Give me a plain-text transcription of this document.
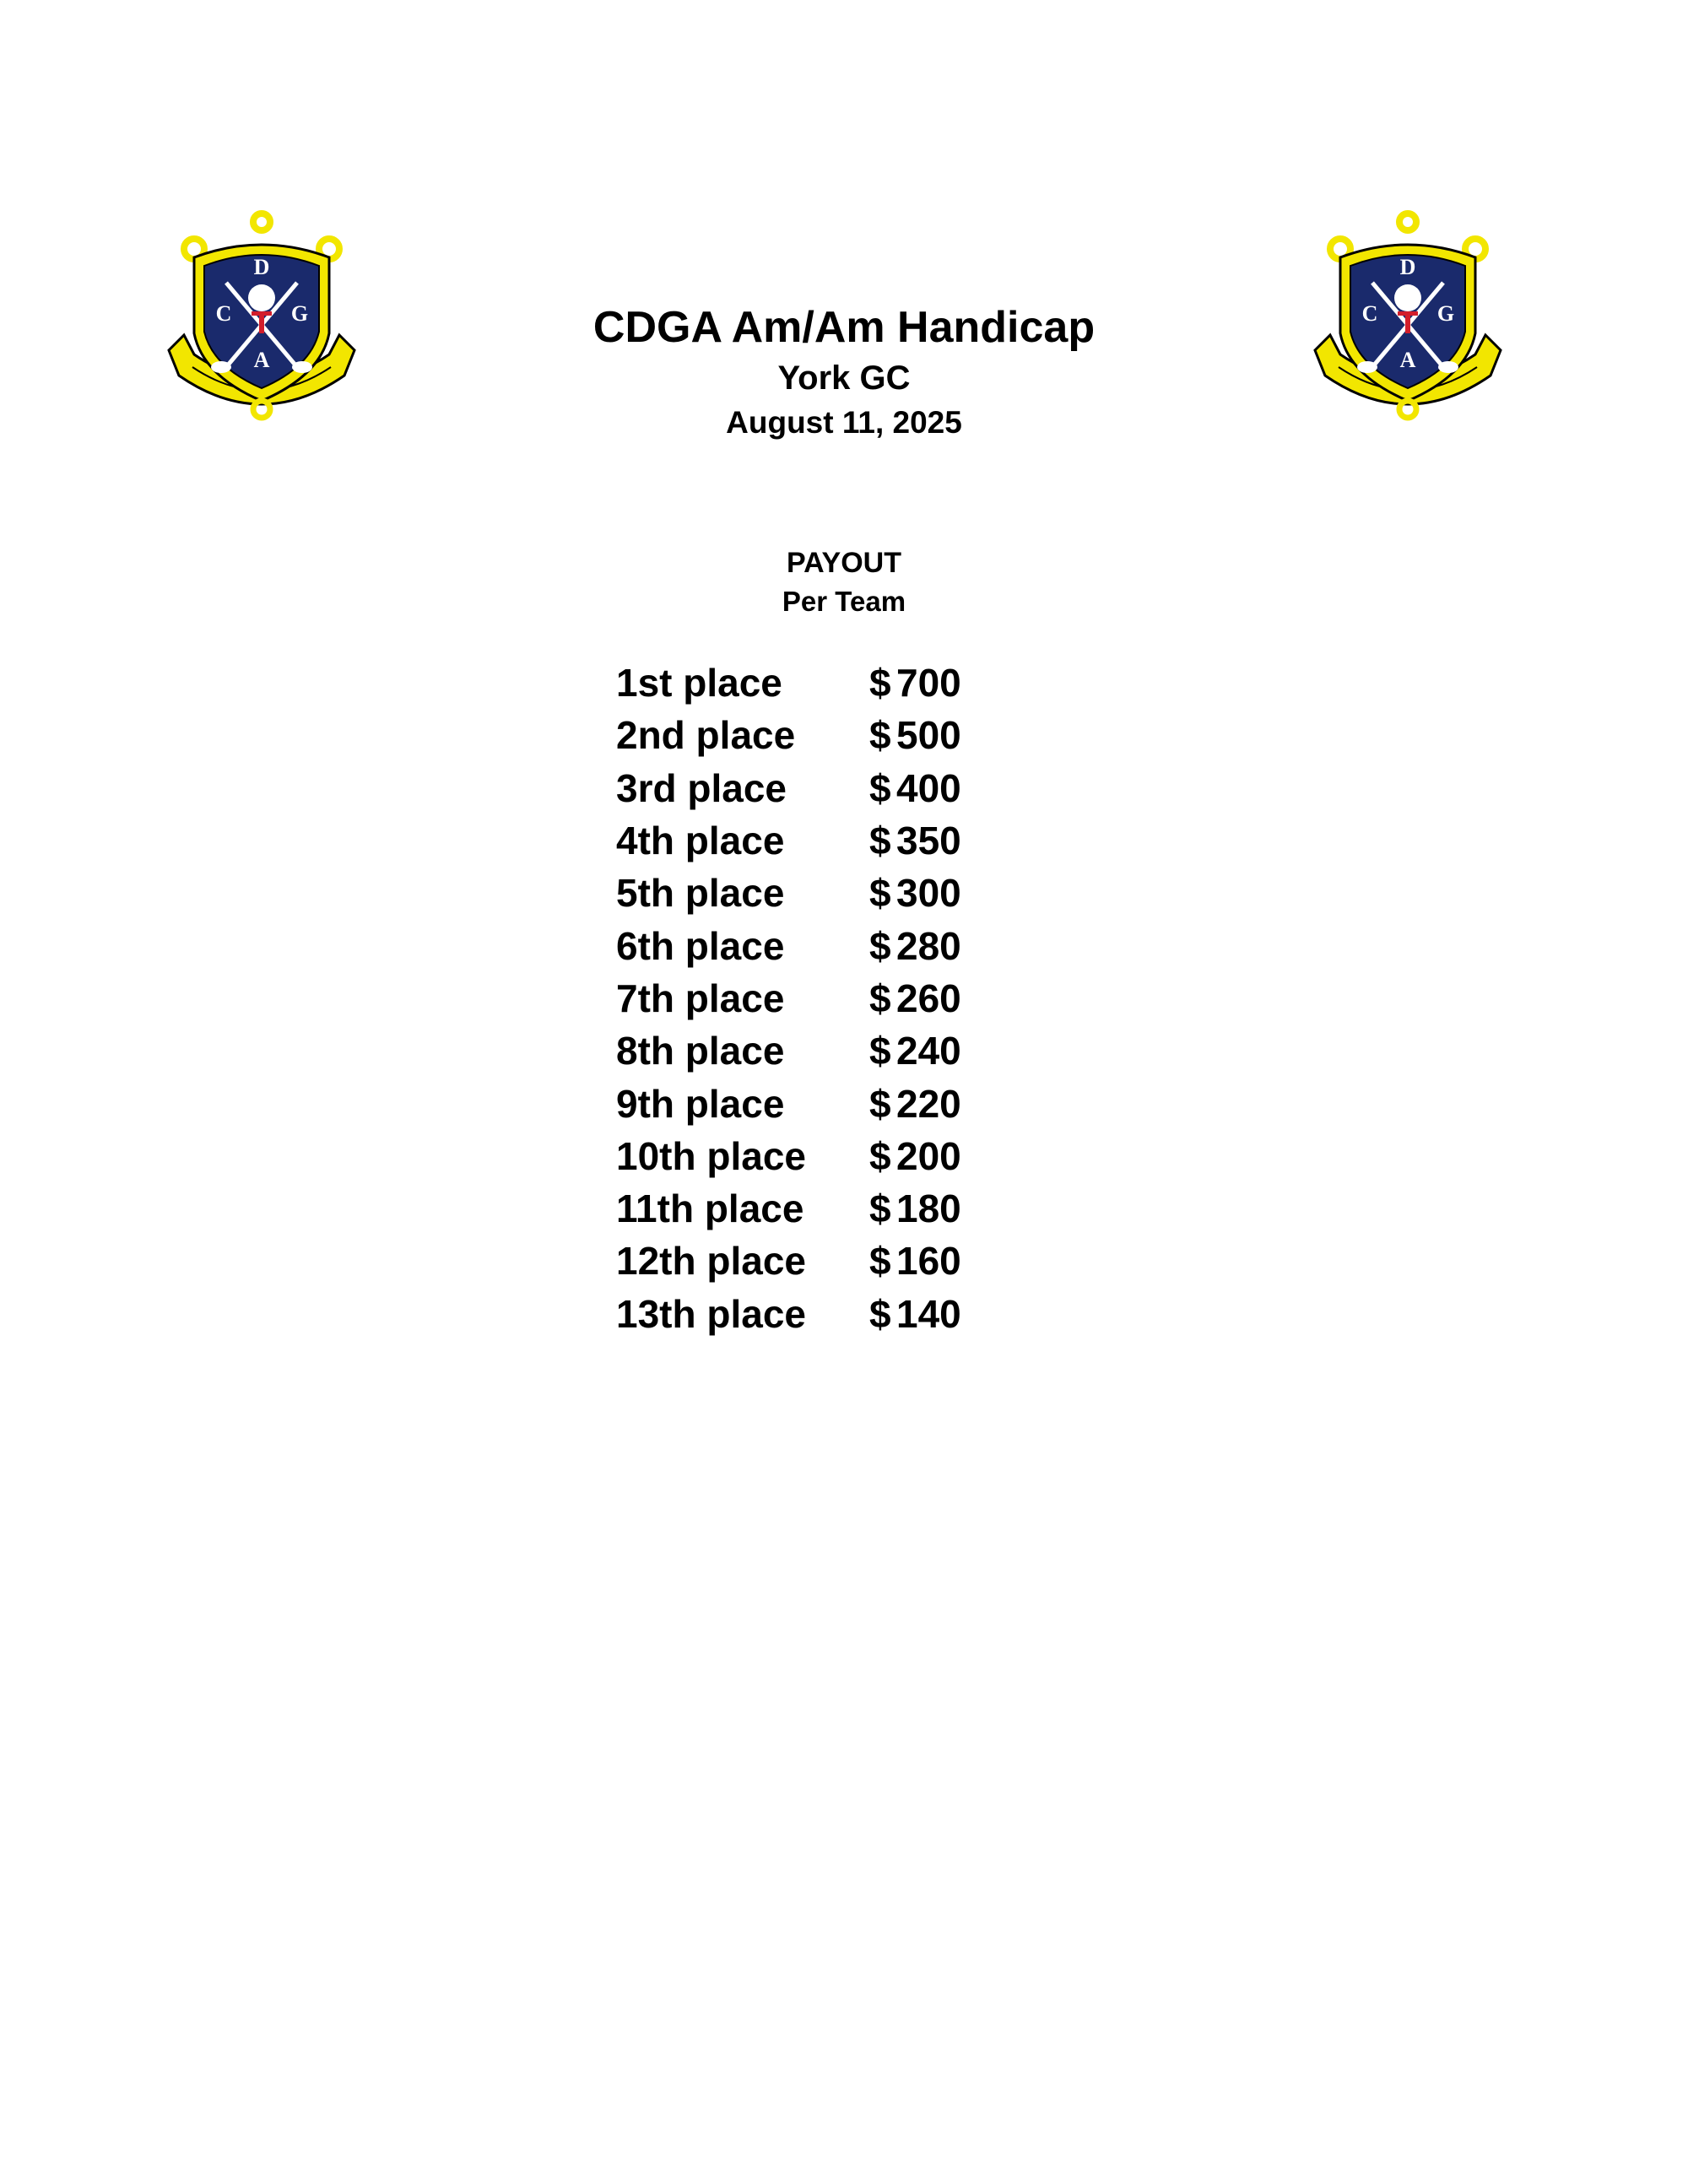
D
C	G
A
D
C	G
A
CDGA Am/Am Handicap
York GC
August 11, 2025
PAYOUT
Per Team
1st place	$ 700
2nd place	$ 500
3rd place	$ 400
4th place	$ 350
5th place	$ 300
6th place	$ 280
7th place	$ 260
8th place	$ 240
9th place	$ 220
10th place	$ 200
11th place	$ 180
12th place	$ 160
13th place	$ 140
